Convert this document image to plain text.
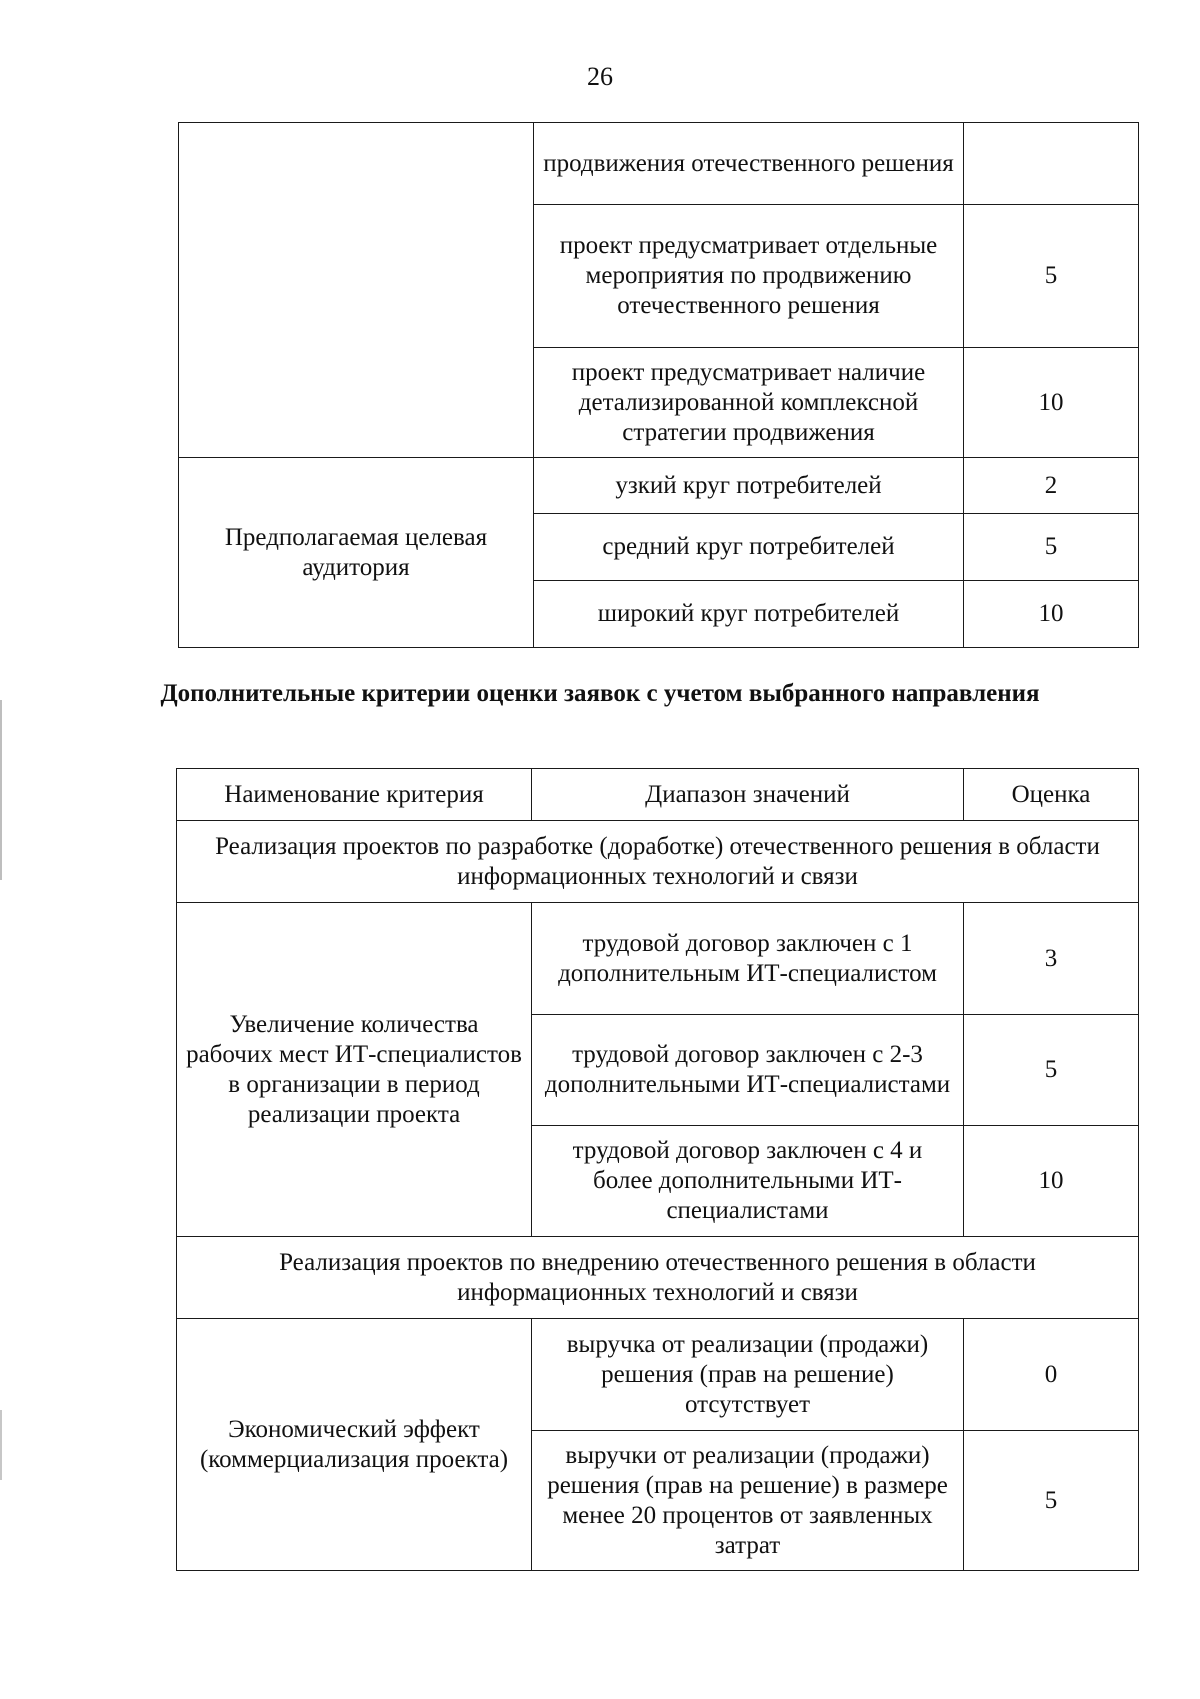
26
	продвижения отечественного решения	
	проект предусматривает отдельные мероприятия по продвижению отечественного решения	5
	проект предусматривает наличие детализированной комплексной стратегии продвижения	10
Предполагаемая целевая аудитория	узкий круг потребителей	2
	средний круг потребителей	5
	широкий круг потребителей	10
Дополнительные критерии оценки заявок с учетом выбранного направления
Наименование критерия	Диапазон значений	Оценка
Реализация проектов по разработке (доработке) отечественного решения в области информационных технологий и связи		
Увеличение количества рабочих мест ИТ-специалистов в организации в период реализации проекта	трудовой договор заключен с 1 дополнительным ИТ-специалистом	3
	трудовой договор заключен с 2-3 дополнительными ИТ-специалистами	5
	трудовой договор заключен с 4 и более дополнительными ИТ-специалистами	10
Реализация проектов по внедрению отечественного решения в области информационных технологий и связи		
Экономический эффект (коммерциализация проекта)	выручка от реализации (продажи) решения (прав на решение) отсутствует	0
	выручки от реализации (продажи) решения (прав на решение) в размере менее 20 процентов от заявленных затрат	5
